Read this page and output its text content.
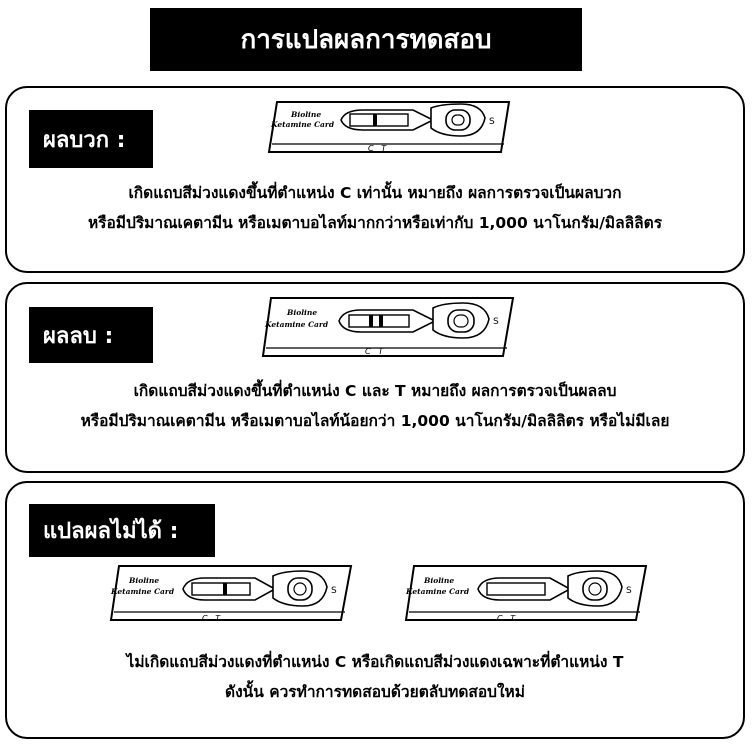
การแปลผลการทดสอบ
ผลบวก :
Bioline
Ketamine Card	S
C   T
เกิดแถบสีม่วงแดงขึ้นที่ตำแหน่ง C เท่านั้น หมายถึง ผลการตรวจเป็นผลบวก
หรือมีปริมาณเคตามีน หรือเมตาบอไลท์มากกว่าหรือเท่ากับ 1,000 นาโนกรัม/มิลลิลิตร
ผลลบ :
Bioline
Ketamine Card	S
C   T
เกิดแถบสีม่วงแดงขึ้นที่ตำแหน่ง C และ T หมายถึง ผลการตรวจเป็นผลลบ
หรือมีปริมาณเคตามีน หรือเมตาบอไลท์น้อยกว่า 1,000 นาโนกรัม/มิลลิลิตร หรือไม่มีเลย
แปลผลไม่ได้ :
Bioline
Ketamine Card	S
C   T
Bioline
Ketamine Card	S
C   T
ไม่เกิดแถบสีม่วงแดงที่ตำแหน่ง C หรือเกิดแถบสีม่วงแดงเฉพาะที่ตำแหน่ง T
ดังนั้น ควรทำการทดสอบด้วยตลับทดสอบใหม่
